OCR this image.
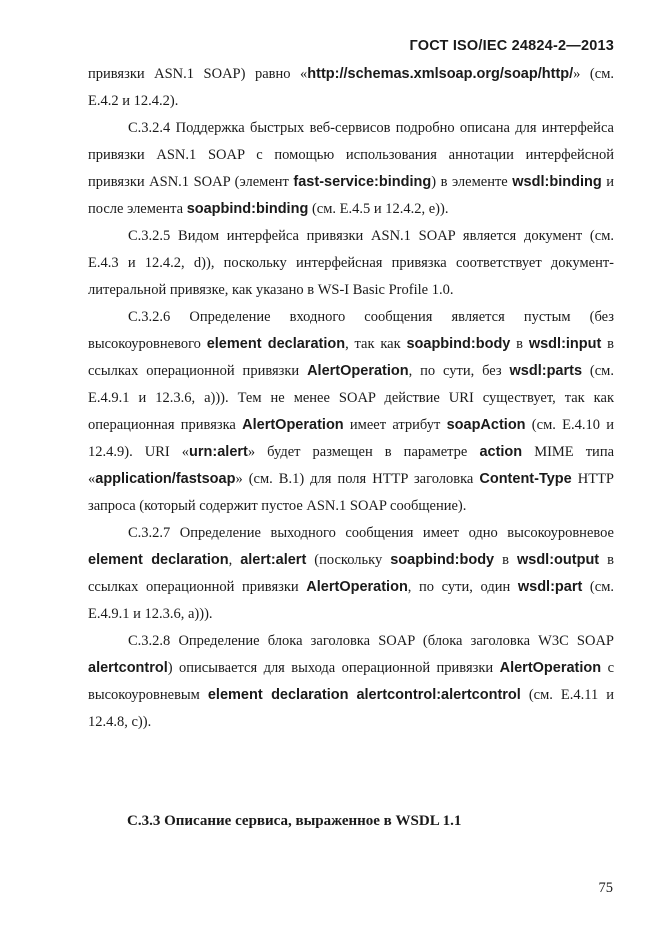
ГОСТ ISO/IEC 24824-2—2013

привязки ASN.1 SOAP) равно «http://schemas.xmlsoap.org/soap/http/» (см. E.4.2 и 12.4.2).

C.3.2.4 Поддержка быстрых веб-сервисов подробно описана для интерфейса привязки ASN.1 SOAP с помощью использования аннотации интерфейсной привязки ASN.1 SOAP (элемент fast-service:binding) в элементе wsdl:binding и после элемента soapbind:binding (см. E.4.5 и 12.4.2, e)).

C.3.2.5 Видом интерфейса привязки ASN.1 SOAP является документ (см. E.4.3 и 12.4.2, d)), поскольку интерфейсная привязка соответствует документ-литеральной привязке, как указано в WS-I Basic Profile 1.0.

C.3.2.6 Определение входного сообщения является пустым (без высокоуровневого element declaration, так как soapbind:body в wsdl:input в ссылках операционной привязки AlertOperation, по сути, без wsdl:parts (см. E.4.9.1 и 12.3.6, a))). Тем не менее SOAP действие URI существует, так как операционная привязка AlertOperation имеет атрибут soapAction (см. E.4.10 и 12.4.9). URI «urn:alert» будет размещен в параметре action MIME типа «application/fastsoap» (см. B.1) для поля HTTP заголовка Content-Type HTTP запроса (который содержит пустое ASN.1 SOAP сообщение).

C.3.2.7 Определение выходного сообщения имеет одно высокоуровневое element declaration, alert:alert (поскольку soapbind:body в wsdl:output в ссылках операционной привязки AlertOperation, по сути, один wsdl:part (см. E.4.9.1 и 12.3.6, a))).

C.3.2.8 Определение блока заголовка SOAP (блока заголовка W3C SOAP alertcontrol) описывается для выхода операционной привязки AlertOperation с высокоуровневым element declaration alertcontrol:alertcontrol (см. E.4.11 и 12.4.8, c)).

C.3.3 Описание сервиса, выраженное в WSDL 1.1
75
